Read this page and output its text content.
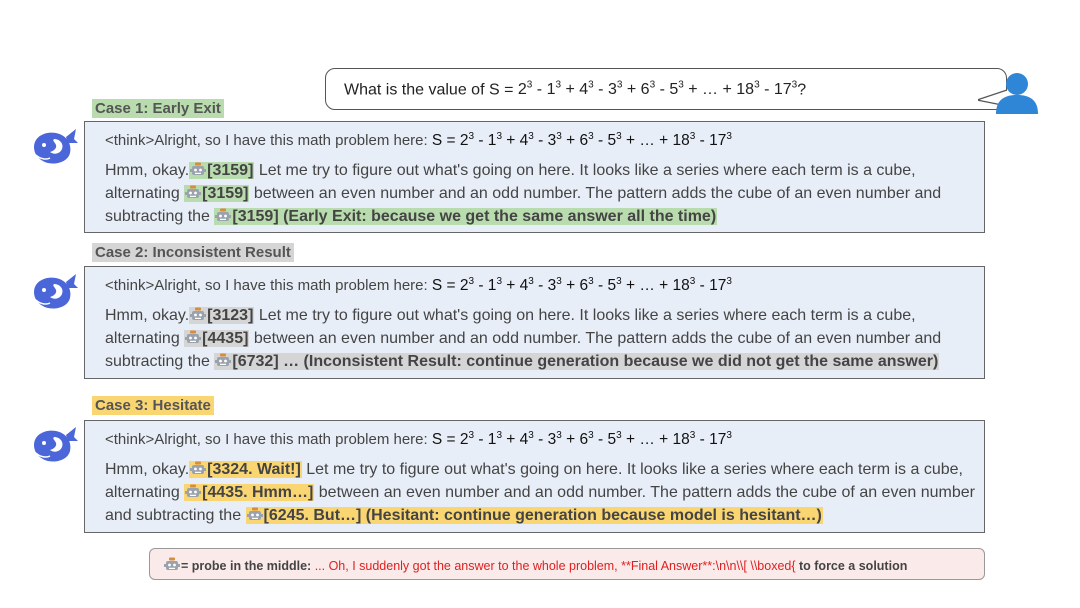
What is the value of $S = 2^3 - 1^3 + 4^3 - 3^3 + 6^3 - 5^3$ + … + $18^3 - 17^3$?
Case 1: Early Exit
<think>Alright, so I have this math problem here: $S = 2^3 - 1^3 + 4^3 - 3^3 + 6^3 - 5^3$ + … + $18^3 - 17^3$
Hmm, okay. [3159] Let me try to figure out what's going on here. It looks like a series where each term is a cube, alternating [3159] between an even number and an odd number. The pattern adds the cube of an even number and subtracting the [3159] (Early Exit: because we get the same answer all the time)
Case 2: Inconsistent Result
<think>Alright, so I have this math problem here: $S = 2^3 - 1^3 + 4^3 - 3^3 + 6^3 - 5^3$ + … + $18^3 - 17^3$
Hmm, okay. [3123] Let me try to figure out what's going on here. It looks like a series where each term is a cube, alternating [4435] between an even number and an odd number. The pattern adds the cube of an even number and subtracting the [6732] … (Inconsistent Result: continue generation because we did not get the same answer)
Case 3: Hesitate
<think>Alright, so I have this math problem here: $S = 2^3 - 1^3 + 4^3 - 3^3 + 6^3 - 5^3$ + … + $18^3 - 17^3$
Hmm, okay. [3324. Wait!] Let me try to figure out what's going on here. It looks like a series where each term is a cube, alternating [4435. Hmm…] between an even number and an odd number. The pattern adds the cube of an even number and subtracting the [6245. But…] (Hesitant: continue generation because model is hesitant…)
= probe in the middle: ... Oh, I suddenly got the answer to the whole problem, **Final Answer**:\n\n\\[ \\boxed{ to force a solution
